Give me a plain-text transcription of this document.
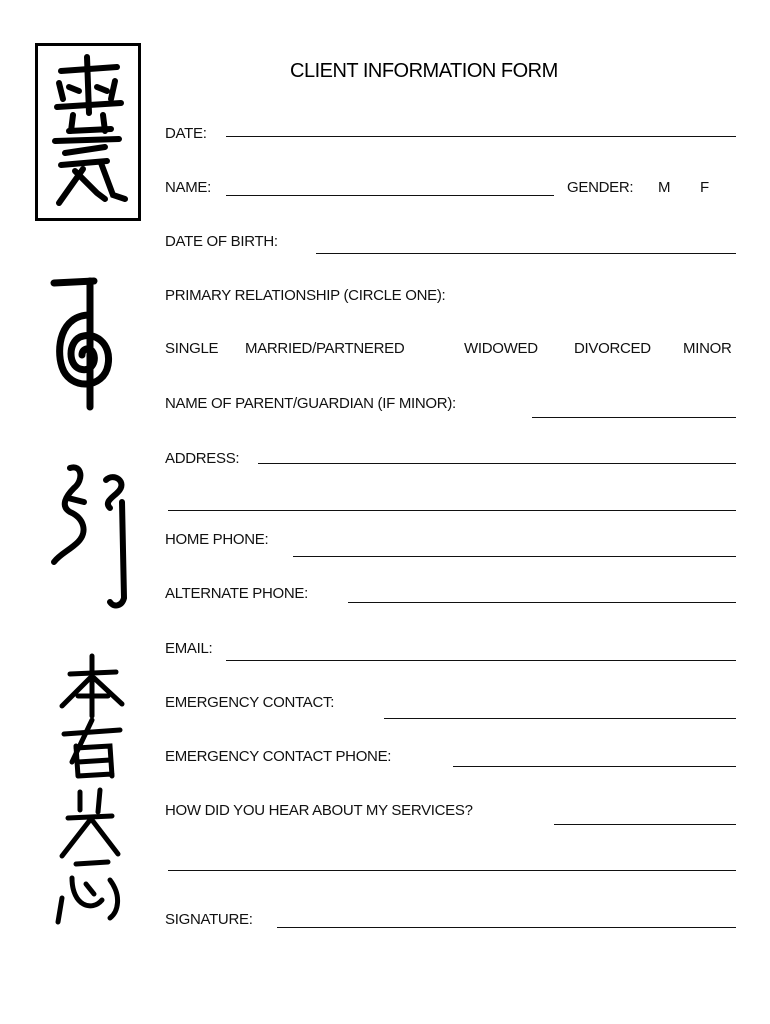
CLIENT INFORMATION FORM
DATE:
NAME:	GENDER: M F
DATE OF BIRTH:
PRIMARY RELATIONSHIP (CIRCLE ONE):
SINGLE MARRIED/PARTNERED	WIDOWED DIVORCED MINOR
NAME OF PARENT/GUARDIAN (IF MINOR):
ADDRESS:
HOME PHONE:
ALTERNATE PHONE:
EMAIL:
EMERGENCY CONTACT:
EMERGENCY CONTACT PHONE:
HOW DID YOU HEAR ABOUT MY SERVICES?
SIGNATURE:
